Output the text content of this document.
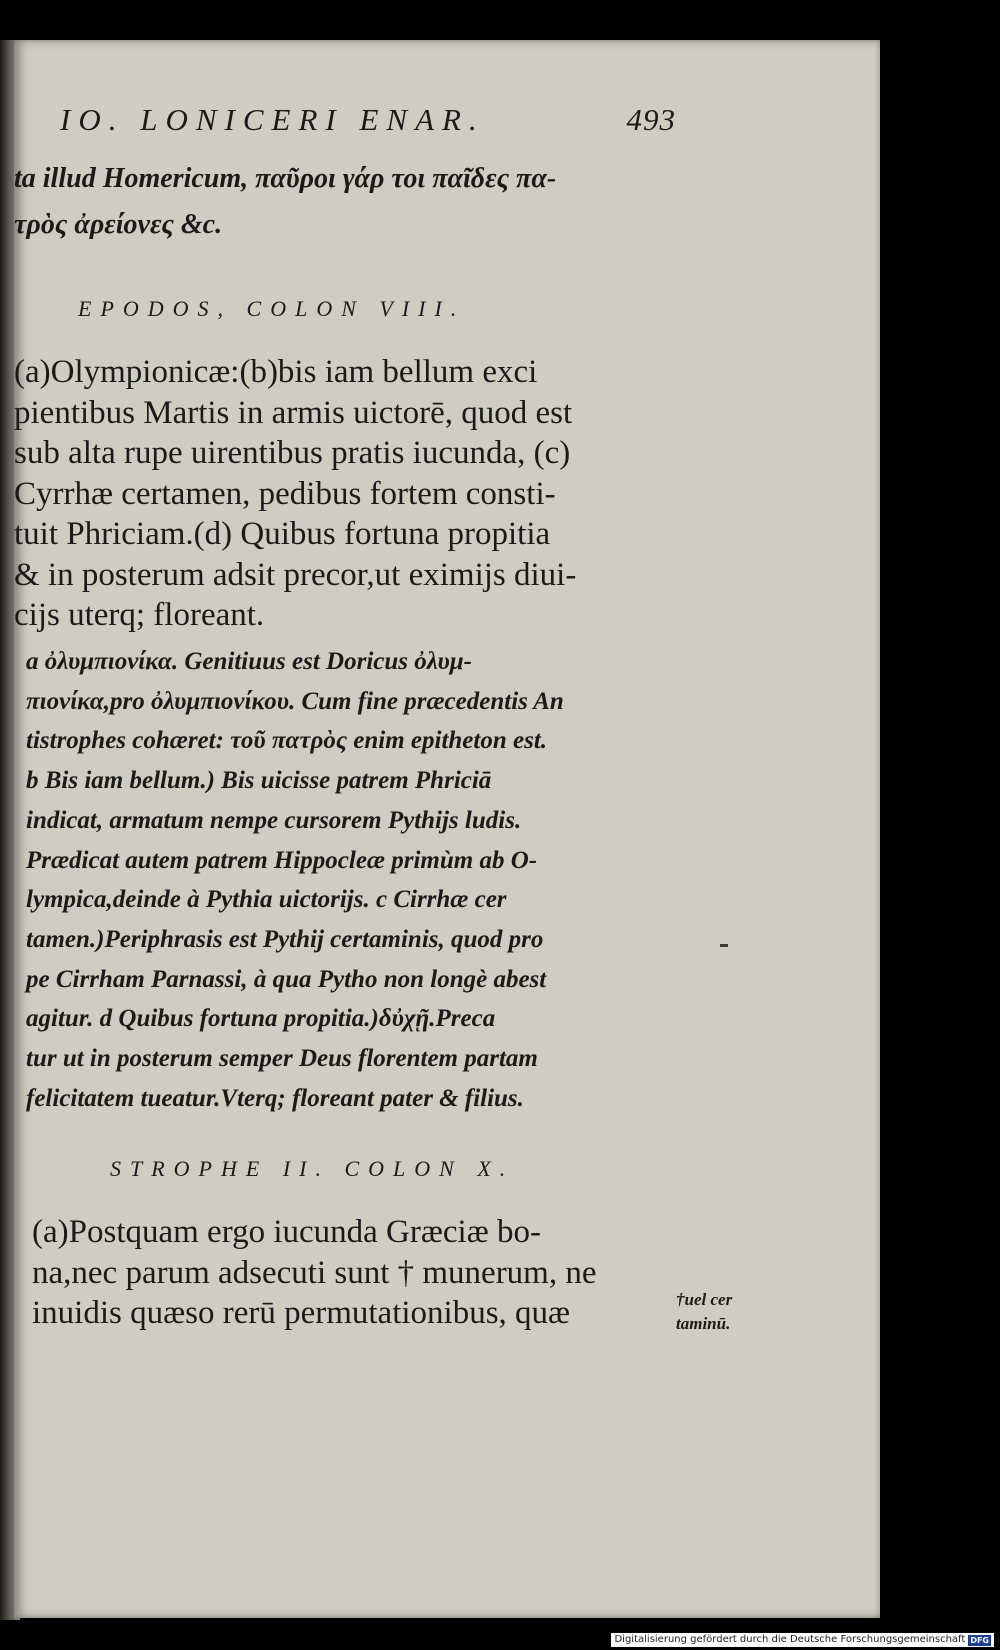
IO. LONICERI ENAR.	493
ta illud Homericum, παῦροι γάρ τοι παῖδες πα-
τρὸς ἀρείονες &c.
EPODOS, COLON VIII.
(a)Olympionicæ:(b)bis iam bellum exci
pientibus Martis in armis uictorē, quod est
sub alta rupe uirentibus pratis iucunda, (c)
Cyrrhæ certamen, pedibus fortem consti-
tuit Phriciam.(d) Quibus fortuna propitia
& in posterum adsit precor,ut eximijs diui-
cijs uterq; floreant.
a ὀλυμπιονίκα. Genitiuus est Doricus ὀλυμ-
πιονίκα,pro ὀλυμπιονίκου. Cum fine præcedentis An
tistrophes cohæret: τοῦ πατρὸς enim epitheton est.
b Bis iam bellum.) Bis uicisse patrem Phriciā
indicat, armatum nempe cursorem Pythijs ludis.
Prædicat autem patrem Hippocleæ primùm ab O-
lympica,deinde à Pythia uictorijs. c Cirrhæ cer
tamen.)Periphrasis est Pythij certaminis, quod pro
pe Cirrham Parnassi, à qua Pytho non longè abest
agitur. d Quibus fortuna propitia.)δὐχῇ.Preca
tur ut in posterum semper Deus florentem partam
felicitatem tueatur.Vterq; floreant pater & filius.
STROPHE II. COLON X.
(a)Postquam ergo iucunda Græciæ bo-
na,nec parum adsecuti sunt † munerum, ne
inuidis quæso rerū permutationibus, quæ	†uel cer
taminū.
Digitalisierung gefördert durch die Deutsche Forschungsgemeinschaft DFG
